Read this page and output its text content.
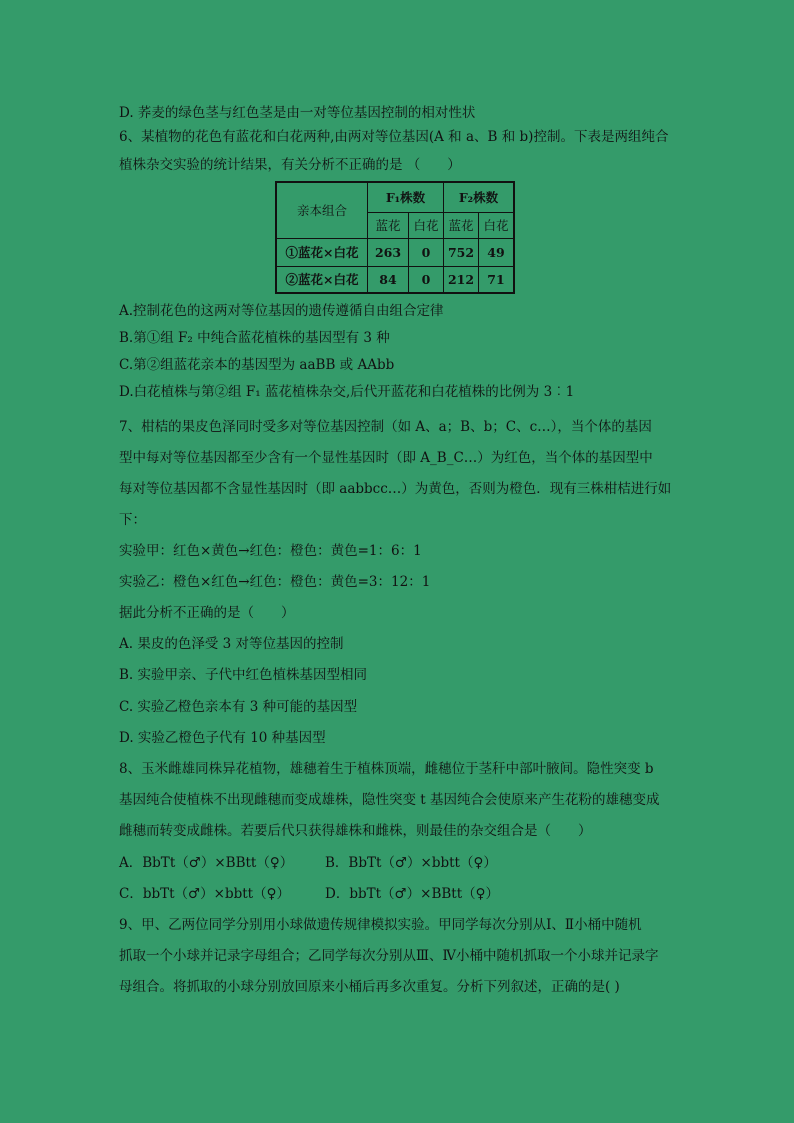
D. 荞麦的绿色茎与红色茎是由一对等位基因控制的相对性状
6、某植物的花色有蓝花和白花两种,由两对等位基因(A 和 a、B 和 b)控制。下表是两组纯合
植株杂交实验的统计结果，有关分析不正确的是 （　　）
亲本组合	F₁株数		F₂株数	
	蓝花	白花	蓝花	白花
①蓝花×白花	263	0	752	49
②蓝花×白花	84	0	212	71
A.控制花色的这两对等位基因的遗传遵循自由组合定律
B.第①组 F₂ 中纯合蓝花植株的基因型有 3 种
C.第②组蓝花亲本的基因型为 aaBB 或 AAbb
D.白花植株与第②组 F₁ 蓝花植株杂交,后代开蓝花和白花植株的比例为 3︰1
7、柑桔的果皮色泽同时受多对等位基因控制（如 A、a；B、b；C、c…），当个体的基因
型中每对等位基因都至少含有一个显性基因时（即 A_B_C…）为红色，当个体的基因型中
每对等位基因都不含显性基因时（即 aabbcc…）为黄色，否则为橙色．现有三株柑桔进行如
下：
实验甲：红色×黄色→红色：橙色：黄色=1：6：1
实验乙：橙色×红色→红色：橙色：黄色=3：12：1
据此分析不正确的是（　　）
A. 果皮的色泽受 3 对等位基因的控制
B. 实验甲亲、子代中红色植株基因型相同
C. 实验乙橙色亲本有 3 种可能的基因型
D. 实验乙橙色子代有 10 种基因型
8、玉米雌雄同株异花植物，雄穗着生于植株顶端，雌穗位于茎秆中部叶腋间。隐性突变 b
基因纯合使植株不出现雌穗而变成雄株，隐性突变 t 基因纯合会使原来产生花粉的雄穗变成
雌穗而转变成雌株。若要后代只获得雄株和雌株，则最佳的杂交组合是（　　）
A．BbTt（♂）×BBtt（♀）	B．BbTt（♂）×bbtt（♀）
C．bbTt（♂）×bbtt（♀）	D．bbTt（♂）×BBtt（♀）
9、甲、乙两位同学分别用小球做遗传规律模拟实验。甲同学每次分别从Ⅰ、Ⅱ小桶中随机
抓取一个小球并记录字母组合；乙同学每次分别从Ⅲ、Ⅳ小桶中随机抓取一个小球并记录字
母组合。将抓取的小球分别放回原来小桶后再多次重复。分析下列叙述，正确的是( )
